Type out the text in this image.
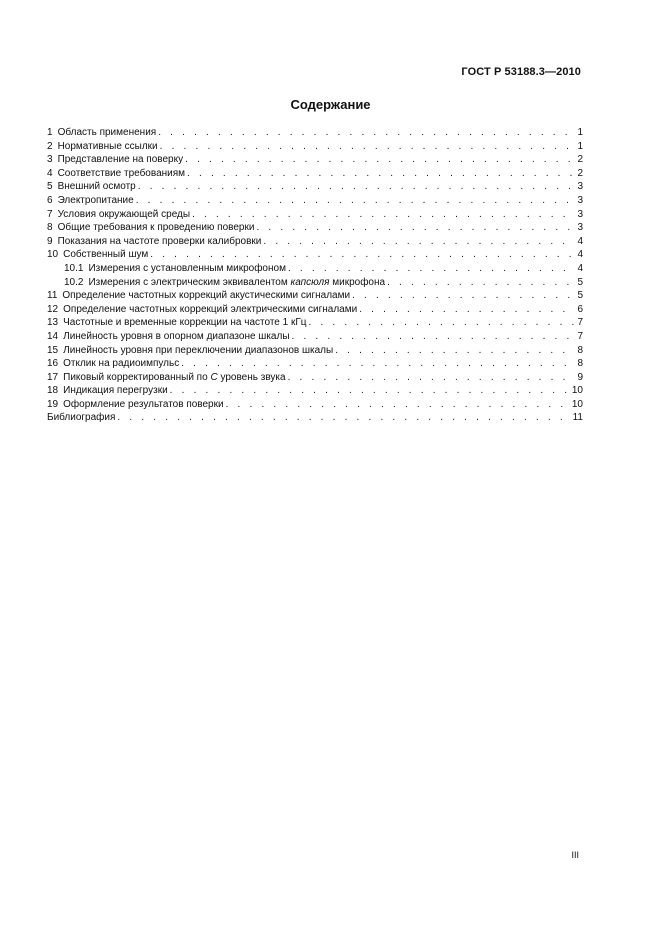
ГОСТ Р 53188.3—2010
Содержание
1 Область применения . . .	1
2 Нормативные ссылки . . .	1
3 Представление на поверку . . .	2
4 Соответствие требованиям . . .	2
5 Внешний осмотр . . .	3
6 Электропитание . . .	3
7 Условия окружающей среды . . .	3
8 Общие требования к проведению поверки . . .	3
9 Показания на частоте проверки калибровки . . .	4
10 Собственный шум . . .	4
10.1 Измерения с установленным микрофоном . . .	4
10.2 Измерения с электрическим эквивалентом капсюля микрофона . . .	5
11 Определение частотных коррекций акустическими сигналами . . .	5
12 Определение частотных коррекций электрическими сигналами . . .	6
13 Частотные и временные коррекции на частоте 1 кГц . . .	7
14 Линейность уровня в опорном диапазоне шкалы . . .	7
15 Линейность уровня при переключении диапазонов шкалы . . .	8
16 Отклик на радиоимпульс . . .	8
17 Пиковый корректированный по С уровень звука . . .	9
18 Индикация перегрузки . . .	10
19 Оформление результатов поверки . . .	10
Библиография . . .	11
III
